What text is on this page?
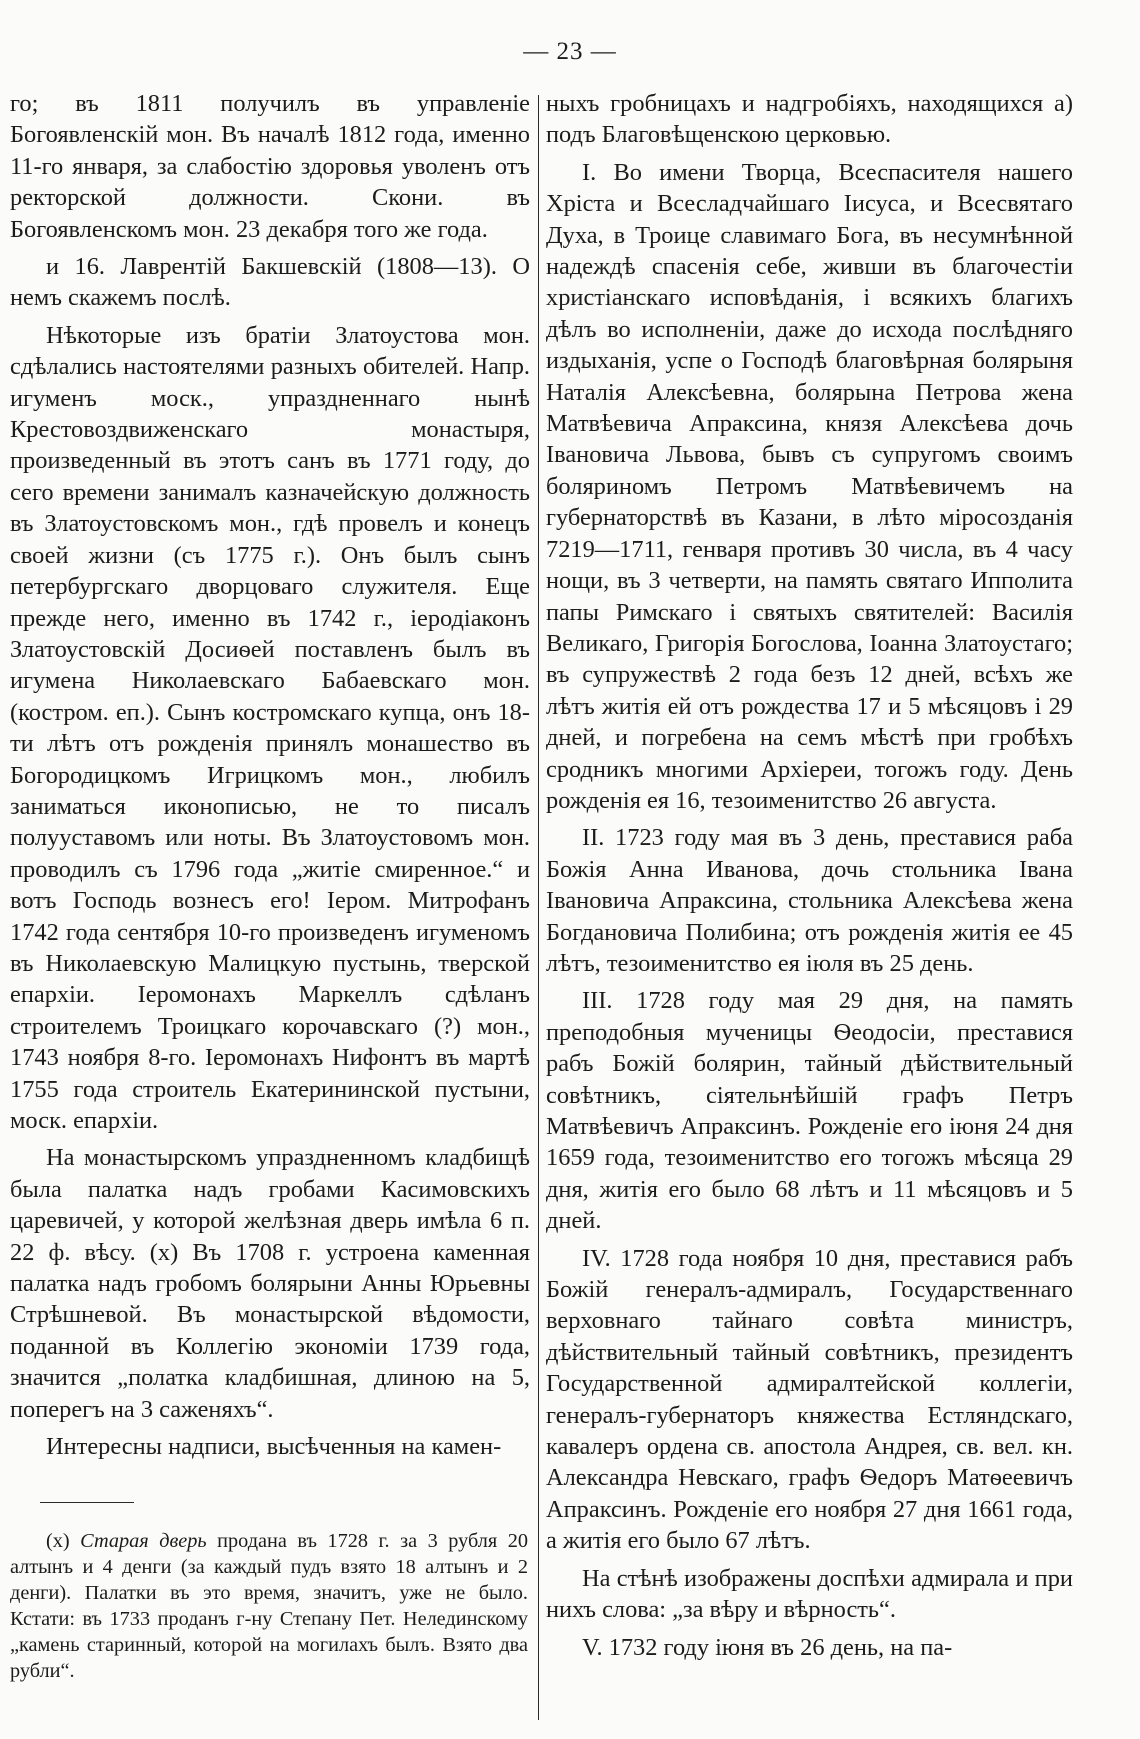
— 23 —

го; въ 1811 получилъ въ управленіе Богоявленскій мон. Въ началѣ 1812 года, именно 11-го января, за слабостію здоровья уволенъ отъ ректорской должности. Скони. въ Богоявленскомъ мон. 23 декабря того же года.

и 16. Лаврентій Бакшевскій (1808—13). О немъ скажемъ послѣ.

Нѣкоторые изъ братіи Златоустова мон. сдѣлались настоятелями разныхъ обителей. Напр. игуменъ моск., упраздненнаго нынѣ Крестовоздвиженскаго монастыря, произведенный въ этотъ санъ въ 1771 году, до сего времени занималъ казначейскую должность въ Златоустовскомъ мон., гдѣ провелъ и конецъ своей жизни (съ 1775 г.). Онъ былъ сынъ петербургскаго дворцоваго служителя. Еще прежде него, именно въ 1742 г., іеродіаконъ Златоустовскій Досиѳей поставленъ былъ въ игумена Николаевскаго Бабаевскаго мон. (костром. еп.). Сынъ костромскаго купца, онъ 18-ти лѣтъ отъ рожденія принялъ монашество въ Богородицкомъ Игрицкомъ мон., любилъ заниматься иконописью, не то писалъ полууставомъ или ноты. Въ Златоустовомъ мон. проводилъ съ 1796 года „житіе смиренное.“ и вотъ Господь вознесъ его! Іером. Митрофанъ 1742 года сентября 10-го произведенъ игуменомъ въ Николаевскую Малицкую пустынь, тверской епархіи. Іеромонахъ Маркеллъ сдѣланъ строителемъ Троицкаго корочавскаго (?) мон., 1743 ноября 8-го. Іеромонахъ Нифонтъ въ мартѣ 1755 года строитель Екатерининской пустыни, моск. епархіи.

На монастырскомъ упраздненномъ кладбищѣ была палатка надъ гробами Касимовскихъ царевичей, у которой желѣзная дверь имѣла 6 п. 22 ф. вѣсу. (x) Въ 1708 г. устроена каменная палатка надъ гробомъ болярыни Анны Юрьевны Стрѣшневой. Въ монастырской вѣдомости, поданной въ Коллегію экономіи 1739 года, значится „полатка кладбишная, длиною на 5, поперегъ на 3 саженяхъ“.

Интересны надписи, высѣченныя на камен-

ныхъ гробницахъ и надгробіяхъ, находящихся а) подъ Благовѣщенскою церковью.

I. Во имени Творца, Всеспасителя нашего Хріста и Всесладчайшаго Іисуса, и Всесвятаго Духа, в Троице славимаго Бога, въ несумнѣнной надеждѣ спасенія себе, живши въ благочестіи христіанскаго исповѣданія, і всякихъ благихъ дѣлъ во исполненіи, даже до исхода послѣдняго издыханія, успе о Господѣ благовѣрная болярыня Наталія Алексѣевна, болярына Петрова жена Матвѣевича Апраксина, князя Алексѣева дочь Івановича Львова, бывъ съ супругомъ своимъ боляриномъ Петромъ Матвѣевичемъ на губернаторствѣ въ Казани, в лѣто міросозданія 7219—1711, генваря противъ 30 числа, въ 4 часу нощи, въ 3 четверти, на память святаго Ипполита папы Римскаго і святыхъ святителей: Василія Великаго, Григорія Богослова, Іоанна Златоустаго; въ супружествѣ 2 года безъ 12 дней, всѣхъ же лѣтъ житія ей отъ рождества 17 и 5 мѣсяцовъ і 29 дней, и погребена на семъ мѣстѣ при гробѣхъ сродникъ многими Архіереи, тогожъ году. День рожденія ея 16, тезоименитство 26 августа.

II. 1723 году мая въ 3 день, преставися раба Божія Анна Иванова, дочь стольника Івана Івановича Апраксина, стольника Алексѣева жена Богдановича Полибина; отъ рожденія житія ее 45 лѣтъ, тезоименитство ея іюля въ 25 день.

III. 1728 году мая 29 дня, на память преподобныя мученицы Ѳеодосіи, преставися рабъ Божій болярин, тайный дѣйствительный совѣтникъ, сіятельнѣйшій графъ Петръ Матвѣевичъ Апраксинъ. Рожденіе его іюня 24 дня 1659 года, тезоименитство его тогожъ мѣсяца 29 дня, житія его было 68 лѣтъ и 11 мѣсяцовъ и 5 дней.

IV. 1728 года ноября 10 дня, преставися рабъ Божій генералъ-адмиралъ, Государственнаго верховнаго тайнаго совѣта министръ, дѣйствительный тайный совѣтникъ, президентъ Государственной адмиралтейской коллегіи, генералъ-губернаторъ княжества Естляндскаго, кавалеръ ордена св. апостола Андрея, св. вел. кн. Александра Невскаго, графъ Ѳедоръ Матѳеевичъ Апраксинъ. Рожденіе его ноября 27 дня 1661 года, а житія его было 67 лѣтъ.

На стѣнѣ изображены доспѣхи адмирала и при нихъ слова: „за вѣру и вѣрность“.

V. 1732 году іюня въ 26 день, на па-

(x) Старая дверь продана въ 1728 г. за 3 рубля 20 алтынъ и 4 денги (за каждый пудъ взято 18 алтынъ и 2 денги). Палатки въ это время, значитъ, уже не было. Кстати: въ 1733 проданъ г-ну Степану Пет. Нелединскому „камень старинный, которой на могилахъ былъ. Взято два рубли“.
